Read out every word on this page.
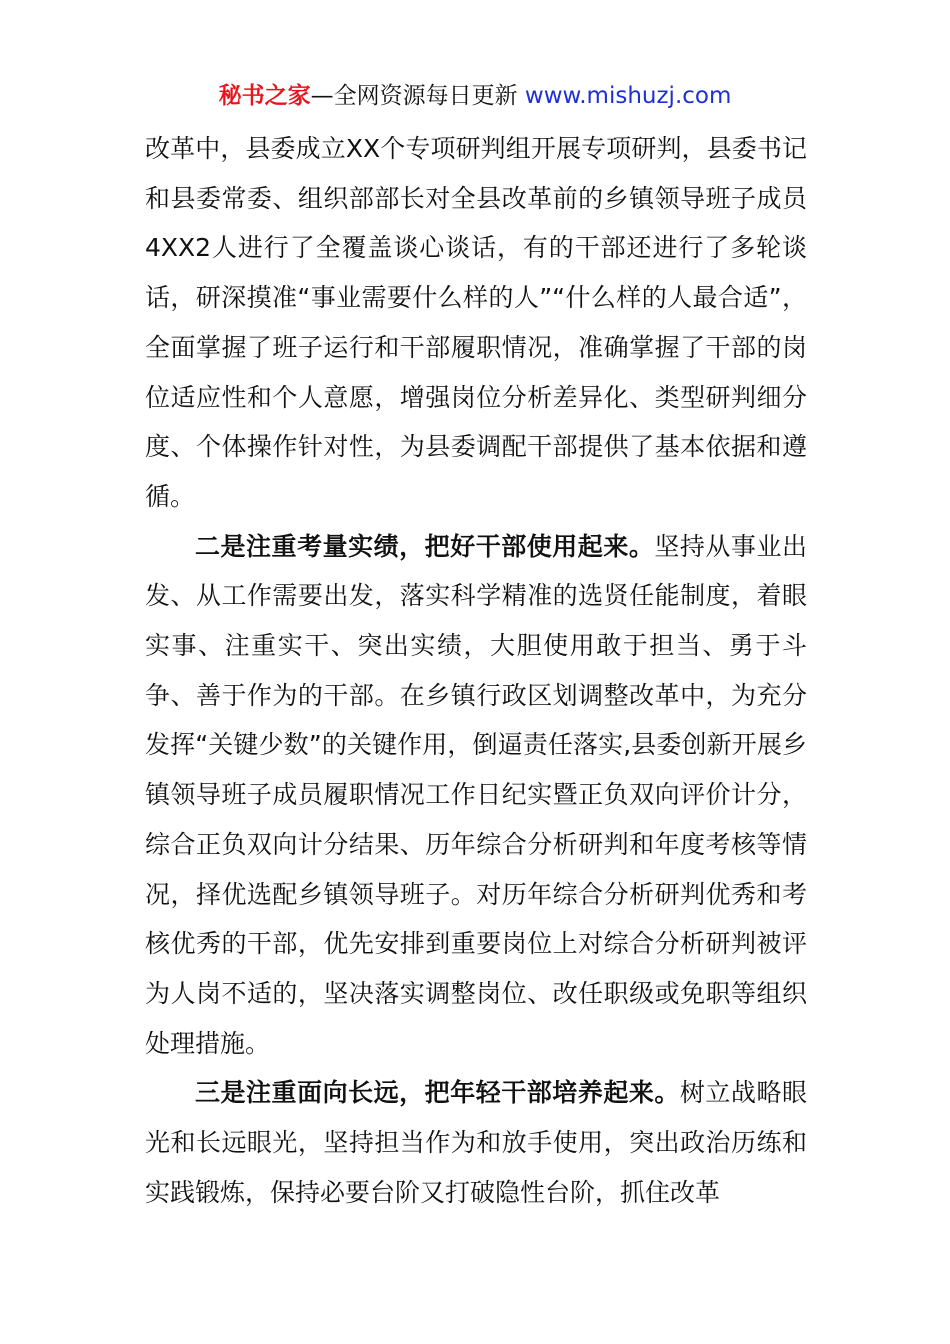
秘书之家—全网资源每日更新 www.mishuzj.com

改革中，县委成立XX个专项研判组开展专项研判，县委书记和县委常委、组织部部长对全县改革前的乡镇领导班子成员4XX2人进行了全覆盖谈心谈话，有的干部还进行了多轮谈话，研深摸准“事业需要什么样的人”“什么样的人最合适”，全面掌握了班子运行和干部履职情况，准确掌握了干部的岗位适应性和个人意愿，增强岗位分析差异化、类型研判细分度、个体操作针对性，为县委调配干部提供了基本依据和遵循。

二是注重考量实绩，把好干部使用起来。坚持从事业出发、从工作需要出发，落实科学精准的选贤任能制度，着眼实事、注重实干、突出实绩，大胆使用敢于担当、勇于斗争、善于作为的干部。在乡镇行政区划调整改革中，为充分发挥“关键少数”的关键作用，倒逼责任落实,县委创新开展乡镇领导班子成员履职情况工作日纪实暨正负双向评价计分，综合正负双向计分结果、历年综合分析研判和年度考核等情况，择优选配乡镇领导班子。对历年综合分析研判优秀和考核优秀的干部，优先安排到重要岗位上对综合分析研判被评为人岗不适的，坚决落实调整岗位、改任职级或免职等组织处理措施。

三是注重面向长远，把年轻干部培养起来。树立战略眼光和长远眼光，坚持担当作为和放手使用，突出政治历练和实践锻炼，保持必要台阶又打破隐性台阶，抓住改革
